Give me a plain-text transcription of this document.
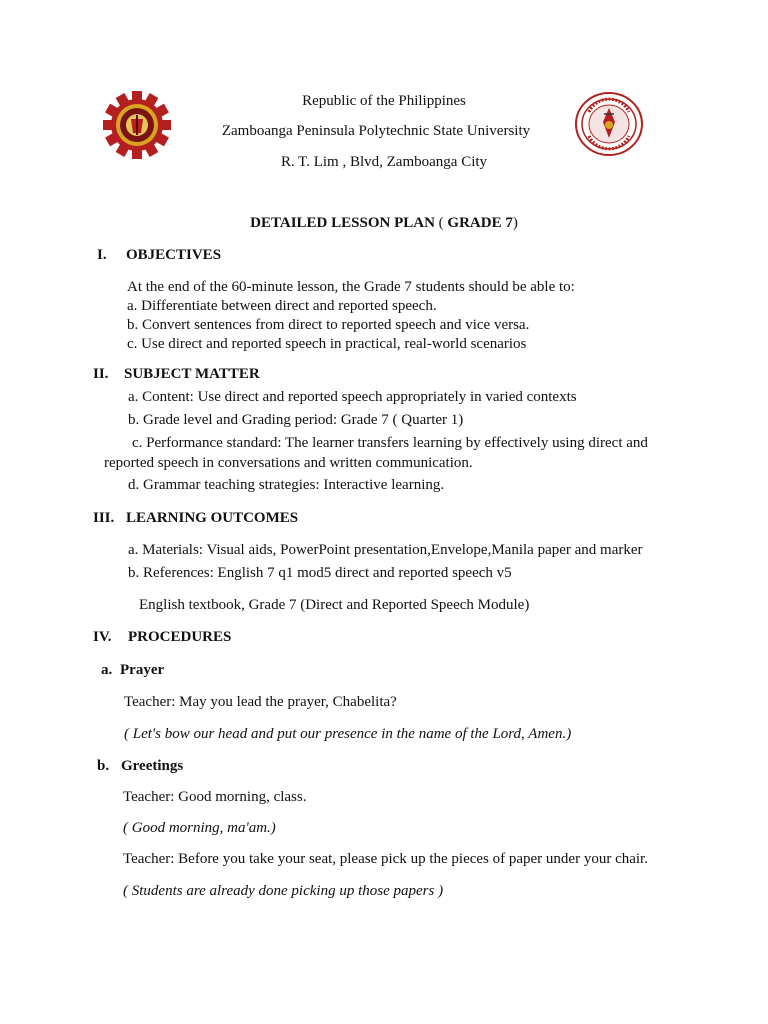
Republic of the Philippines
Zamboanga Peninsula Polytechnic State University
R. T. Lim , Blvd, Zamboanga City
DETAILED LESSON PLAN ( GRADE 7)
I. OBJECTIVES
At the end of the 60-minute lesson, the Grade 7 students should be able to:
a. Differentiate between direct and reported speech.
b. Convert sentences from direct to reported speech and vice versa.
c. Use direct and reported speech in practical, real-world scenarios
II. SUBJECT MATTER
a. Content: Use direct and reported speech appropriately in varied contexts
b. Grade level and Grading period: Grade 7 ( Quarter 1)
c. Performance standard: The learner transfers learning by effectively using direct and
reported speech in conversations and written communication.
d. Grammar teaching strategies: Interactive learning.
III. LEARNING OUTCOMES
a. Materials: Visual aids, PowerPoint presentation,Envelope,Manila paper and marker
b. References: English 7 q1 mod5 direct and reported speech v5
English textbook, Grade 7 (Direct and Reported Speech Module)
IV. PROCEDURES
a. Prayer
Teacher: May you lead the prayer, Chabelita?
( Let's bow our head and put our presence in the name of the Lord, Amen.)
b. Greetings
Teacher: Good morning, class.
( Good morning, ma'am.)
Teacher: Before you take your seat, please pick up the pieces of paper under your chair.
( Students are already done picking up those papers )
